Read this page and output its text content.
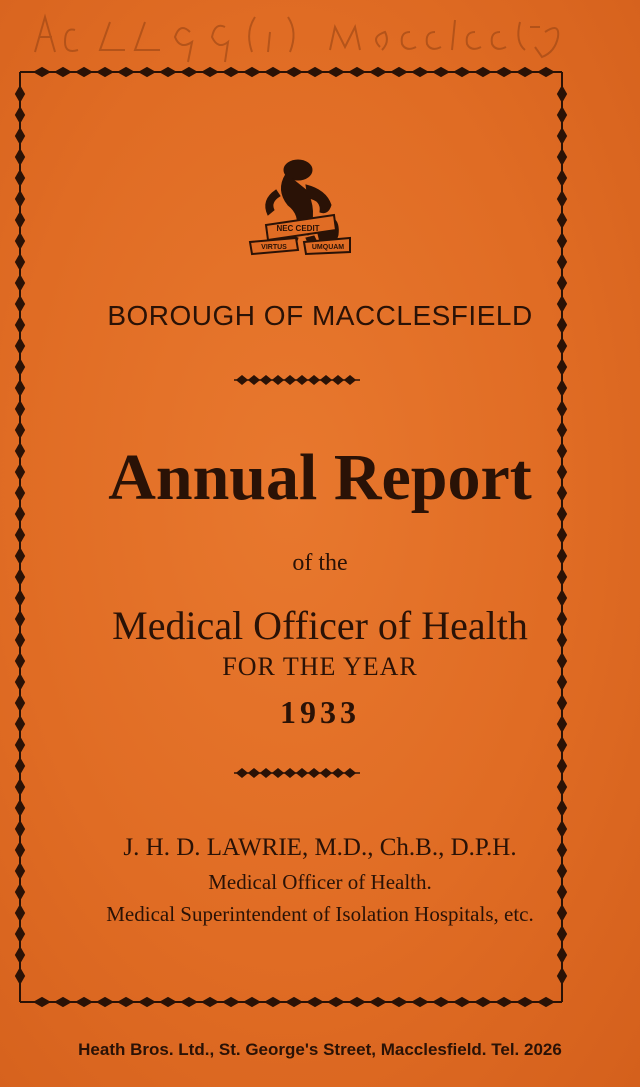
NEC CEDIT
VIRTUS	UMQUAM
BOROUGH OF MACCLESFIELD
Annual Report
of the
Medical Officer of Health
FOR THE YEAR
1933
J. H. D. LAWRIE, M.D., Ch.B., D.P.H.
Medical Officer of Health.
Medical Superintendent of Isolation Hospitals, etc.
Heath Bros. Ltd., St. George's Street, Macclesfield. Tel. 2026
